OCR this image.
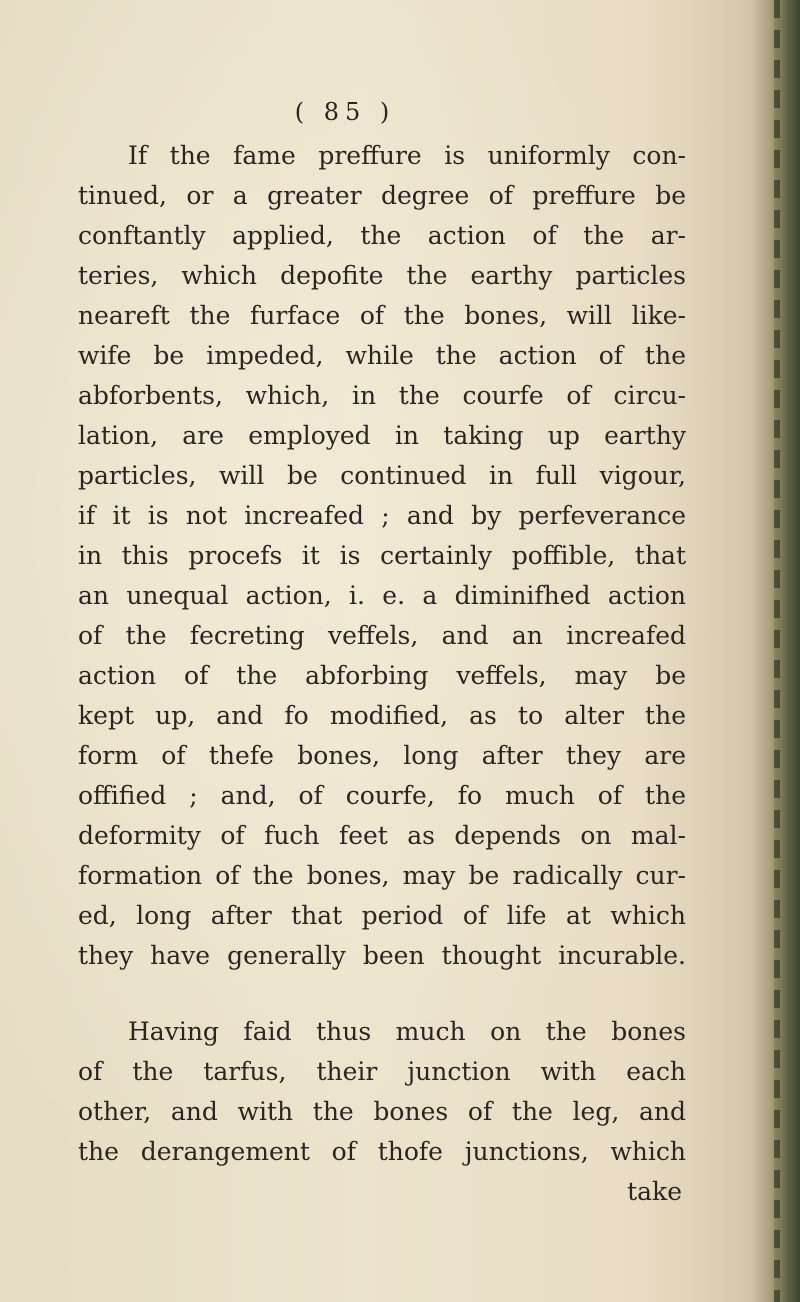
( 85 )
If the fame preffure is uniformly con-
tinued, or a greater degree of preffure be
conftantly applied, the action of the ar-
teries, which depofite the earthy particles
neareft the furface of the bones, will like-
wife be impeded, while the action of the
abforbents, which, in the courfe of circu-
lation, are employed in taking up earthy
particles, will be continued in full vigour,
if it is not increafed ; and by perfeverance
in this procefs it is certainly poffible, that
an unequal action, i. e. a diminifhed action
of the fecreting veffels, and an increafed
action of the abforbing veffels, may be
kept up, and fo modified, as to alter the
form of thefe bones, long after they are
offified ; and, of courfe, fo much of the
deformity of fuch feet as depends on mal-
formation of the bones, may be radically cur-
ed, long after that period of life at which
they have generally been thought incurable.
Having faid thus much on the bones
of the tarfus, their junction with each
other, and with the bones of the leg, and
the derangement of thofe junctions, which
take
